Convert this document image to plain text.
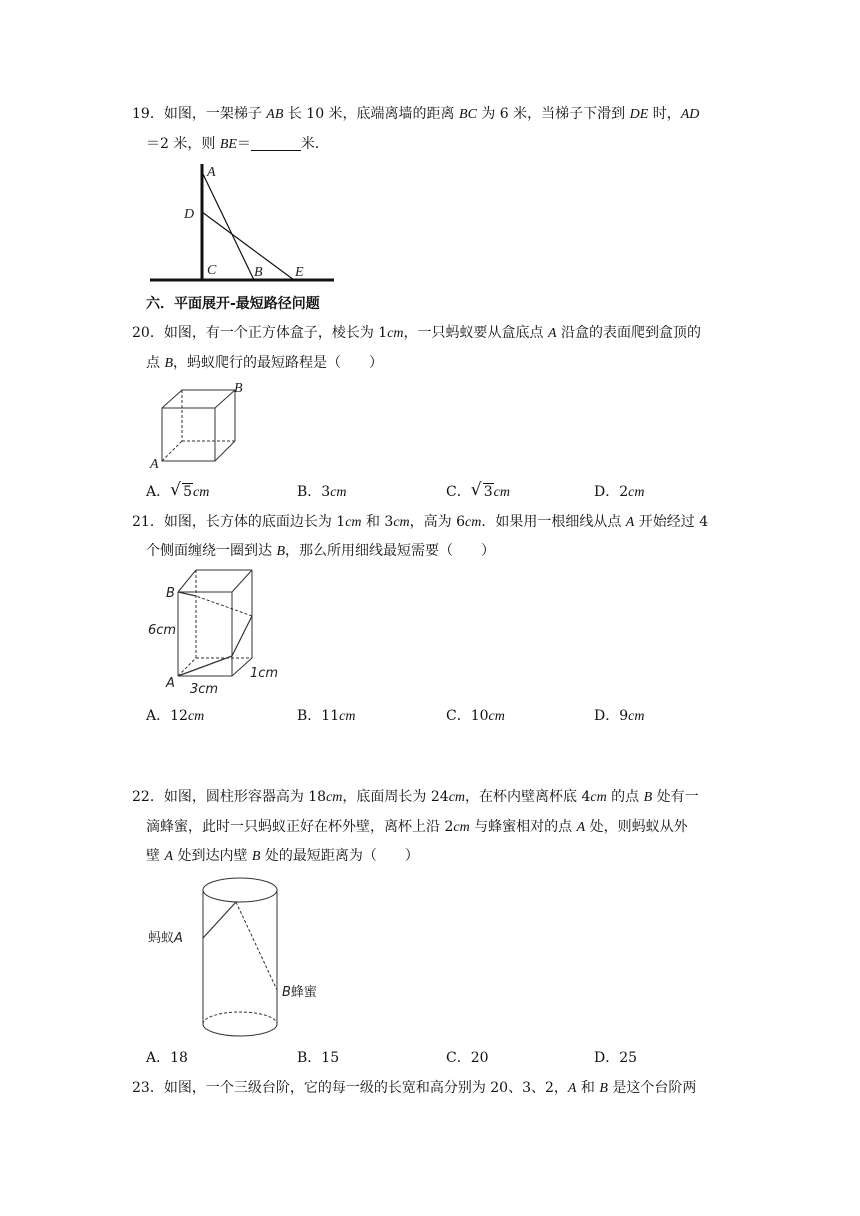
19．如图，一架梯子 AB 长 10 米，底端离墙的距离 BC 为 6 米，当梯子下滑到 DE 时，AD
＝2 米，则 BE＝	米．
A
D
C	B E
六．平面展开-最短路径问题
20．如图，有一个正方体盒子，棱长为 1cm，一只蚂蚁要从盒底点 A 沿盒的表面爬到盒顶的
点 B，蚂蚁爬行的最短路程是（　　）
B
A
A． √ 5cm	B．3cm	C． √ 3cm	D．2cm
21．如图，长方体的底面边长为 1cm 和 3cm，高为 6cm．如果用一根细线从点 A 开始经过 4
个侧面缠绕一圈到达 B，那么所用细线最短需要（　　）
B
A
6cm
3cm
1cm
A．12cm	B．11cm	C．10cm	D．9cm
22．如图，圆柱形容器高为 18cm，底面周长为 24cm，在杯内壁离杯底 4cm 的点 B 处有一
滴蜂蜜，此时一只蚂蚁正好在杯外壁，离杯上沿 2cm 与蜂蜜相对的点 A 处，则蚂蚁从外
壁 A 处到达内壁 B 处的最短距离为（　　）
蚂蚁A
B蜂蜜
A．18	B．15	C．20	D．25
23．如图，一个三级台阶，它的每一级的长宽和高分别为 20、3、2，A 和 B 是这个台阶两
